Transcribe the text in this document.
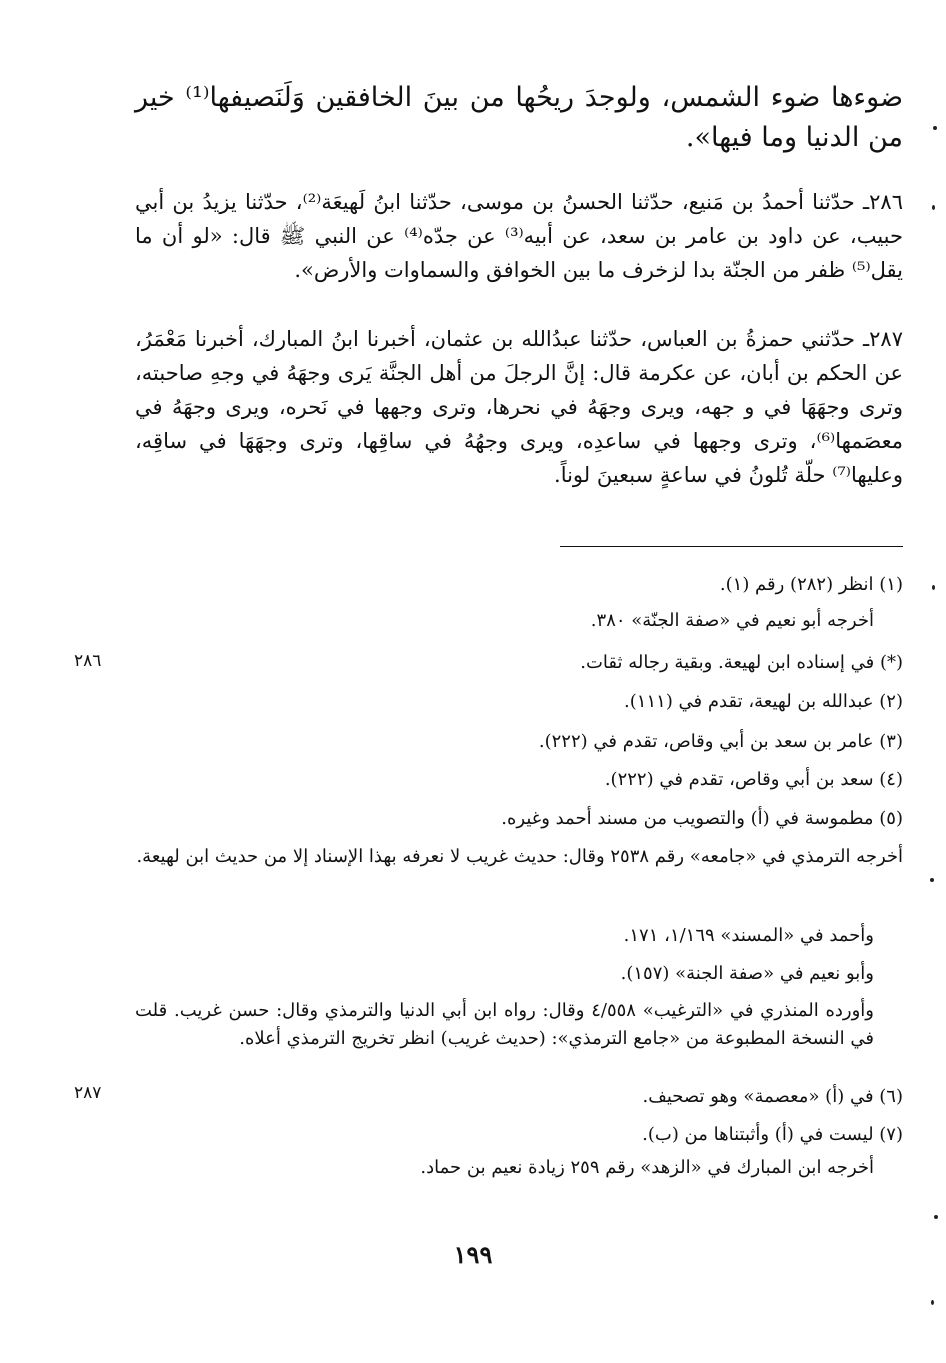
ضوءها ضوء الشمس، ولوجدَ ريحُها من بينَ الخافقين وَلَنَصيفها⁽¹⁾ خير من الدنيا وما فيها».
٢٨٦ـ حدّثنا أحمدُ بن مَنيع، حدّثنا الحسنُ بن موسى، حدّثنا ابنُ لَهيعَة⁽²⁾، حدّثنا يزيدُ بن أبي حبيب، عن داود بن عامر بن سعد، عن أبيه⁽³⁾ عن جدّه⁽⁴⁾ عن النبي ﷺ قال: «لو أن ما يقل⁽⁵⁾ ظفر من الجنّة بدا لزخرف ما بين الخوافق والسماوات والأرض».
٢٨٧ـ حدّثني حمزةُ بن العباس، حدّثنا عبدُالله بن عثمان، أخبرنا ابنُ المبارك، أخبرنا مَعْمَرُ، عن الحكم بن أبان، عن عكرمة قال: إنَّ الرجلَ من أهل الجنَّة يَرى وجهَهُ في وجهِ صاحبته، وترى وجهَهَا في و جهه، ويرى وجهَهُ في نحرها، وترى وجهها في نَحره، ويرى وجهَهُ في معصَمها⁽⁶⁾، وترى وجهها في ساعدِه، ويرى وجهُهُ في ساقِها، وترى وجهَهَا في ساقِه، وعليها⁽⁷⁾ حلّة تُلونُ في ساعةٍ سبعينَ لوناً.
(١) انظر (٢٨٢) رقم (١).
أخرجه أبو نعيم في «صفة الجنّة» ٣٨٠.
(*) في إسناده ابن لهيعة. وبقية رجاله ثقات.
(٢) عبدالله بن لهيعة، تقدم في (١١١).
(٣) عامر بن سعد بن أبي وقاص، تقدم في (٢٢٢).
(٤) سعد بن أبي وقاص، تقدم في (٢٢٢).
(٥) مطموسة في (أ) والتصويب من مسند أحمد وغيره.
أخرجه الترمذي في «جامعه» رقم ٢٥٣٨ وقال: حديث غريب لا نعرفه بهذا الإسناد إلا من حديث ابن لهيعة.
وأحمد في «المسند» ١/١٦٩، ١٧١.
وأبو نعيم في «صفة الجنة» (١٥٧).
وأورده المنذري في «الترغيب» ٤/٥٥٨ وقال: رواه ابن أبي الدنيا والترمذي وقال: حسن غريب. قلت في النسخة المطبوعة من «جامع الترمذي»: (حديث غريب) انظر تخريج الترمذي أعلاه.
(٦) في (أ) «معصمة» وهو تصحيف.
(٧) ليست في (أ) وأثبتناها من (ب).
أخرجه ابن المبارك في «الزهد» رقم ٢٥٩ زيادة نعيم بن حماد.
٢٨٦
٢٨٧
١٩٩
